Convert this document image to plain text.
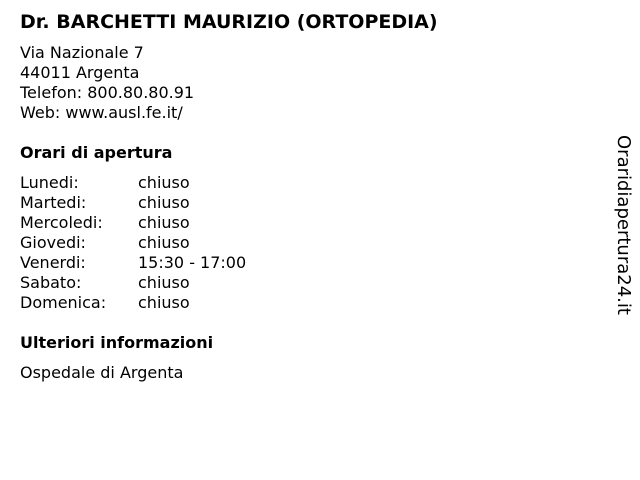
Dr. BARCHETTI MAURIZIO (ORTOPEDIA)
Via Nazionale 7
44011 Argenta
Telefon: 800.80.80.91
Web: www.ausl.fe.it/
Orari di apertura
Lunedi:	chiuso
Martedi:	chiuso
Mercoledi:	chiuso
Giovedi:	chiuso
Venerdi:	15:30 - 17:00
Sabato:	chiuso
Domenica:	chiuso
Ulteriori informazioni
Ospedale di Argenta
Oraridiapertura24.it
